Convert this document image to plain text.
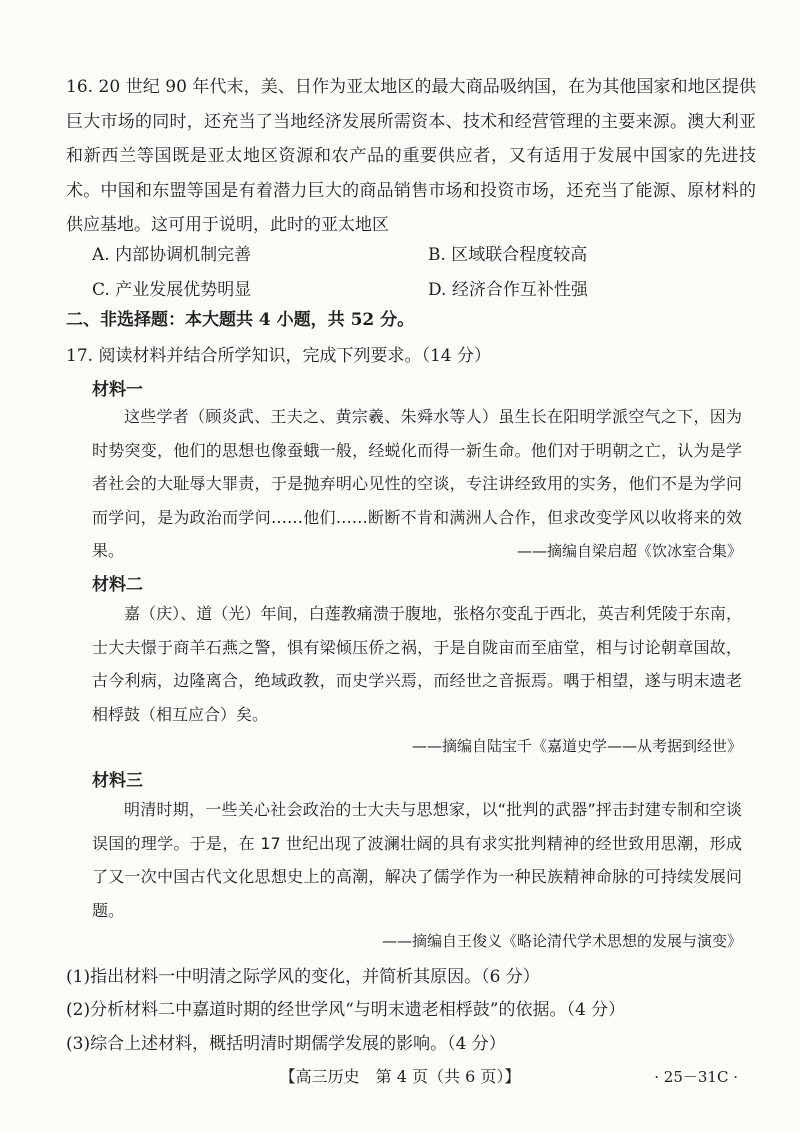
16. 20 世纪 90 年代末，美、日作为亚太地区的最大商品吸纳国，在为其他国家和地区提供巨大市场的同时，还充当了当地经济发展所需资本、技术和经营管理的主要来源。澳大利亚和新西兰等国既是亚太地区资源和农产品的重要供应者，又有适用于发展中国家的先进技术。中国和东盟等国是有着潜力巨大的商品销售市场和投资市场，还充当了能源、原材料的供应基地。这可用于说明，此时的亚太地区
A. 内部协调机制完善	B. 区域联合程度较高
C. 产业发展优势明显	D. 经济合作互补性强
二、非选择题：本大题共 4 小题，共 52 分。
17. 阅读材料并结合所学知识，完成下列要求。（14 分）
材料一
这些学者（顾炎武、王夫之、黄宗羲、朱舜水等人）虽生长在阳明学派空气之下，因为时势突变，他们的思想也像蚕蛾一般，经蜕化而得一新生命。他们对于明朝之亡，认为是学者社会的大耻辱大罪责，于是抛弃明心见性的空谈，专注讲经致用的实务，他们不是为学问而学问，是为政治而学问……他们……断断不肯和满洲人合作，但求改变学风以收将来的效果。	——摘编自梁启超《饮冰室合集》
材料二
嘉（庆）、道（光）年间，白莲教痛溃于腹地，张格尔变乱于西北，英吉利凭陵于东南，士大夫憬于商羊石燕之警，惧有梁倾压侨之祸，于是自陇亩而至庙堂，相与讨论朝章国故，古今利病，边隆离合，绝域政教，而史学兴焉，而经世之音振焉。喁于相望，遂与明末遗老相桴鼓（相互应合）矣。
——摘编自陆宝千《嘉道史学——从考据到经世》
材料三
明清时期，一些关心社会政治的士大夫与思想家，以“批判的武器”抨击封建专制和空谈误国的理学。于是，在 17 世纪出现了波澜壮阔的具有求实批判精神的经世致用思潮，形成了又一次中国古代文化思想史上的高潮，解决了儒学作为一种民族精神命脉的可持续发展问题。
——摘编自王俊义《略论清代学术思想的发展与演变》
(1)指出材料一中明清之际学风的变化，并简析其原因。（6 分）
(2)分析材料二中嘉道时期的经世学风“与明末遗老相桴鼓”的依据。（4 分）
(3)综合上述材料，概括明清时期儒学发展的影响。（4 分）
【高三历史　第 4 页（共 6 页）】	· 25－31C ·
